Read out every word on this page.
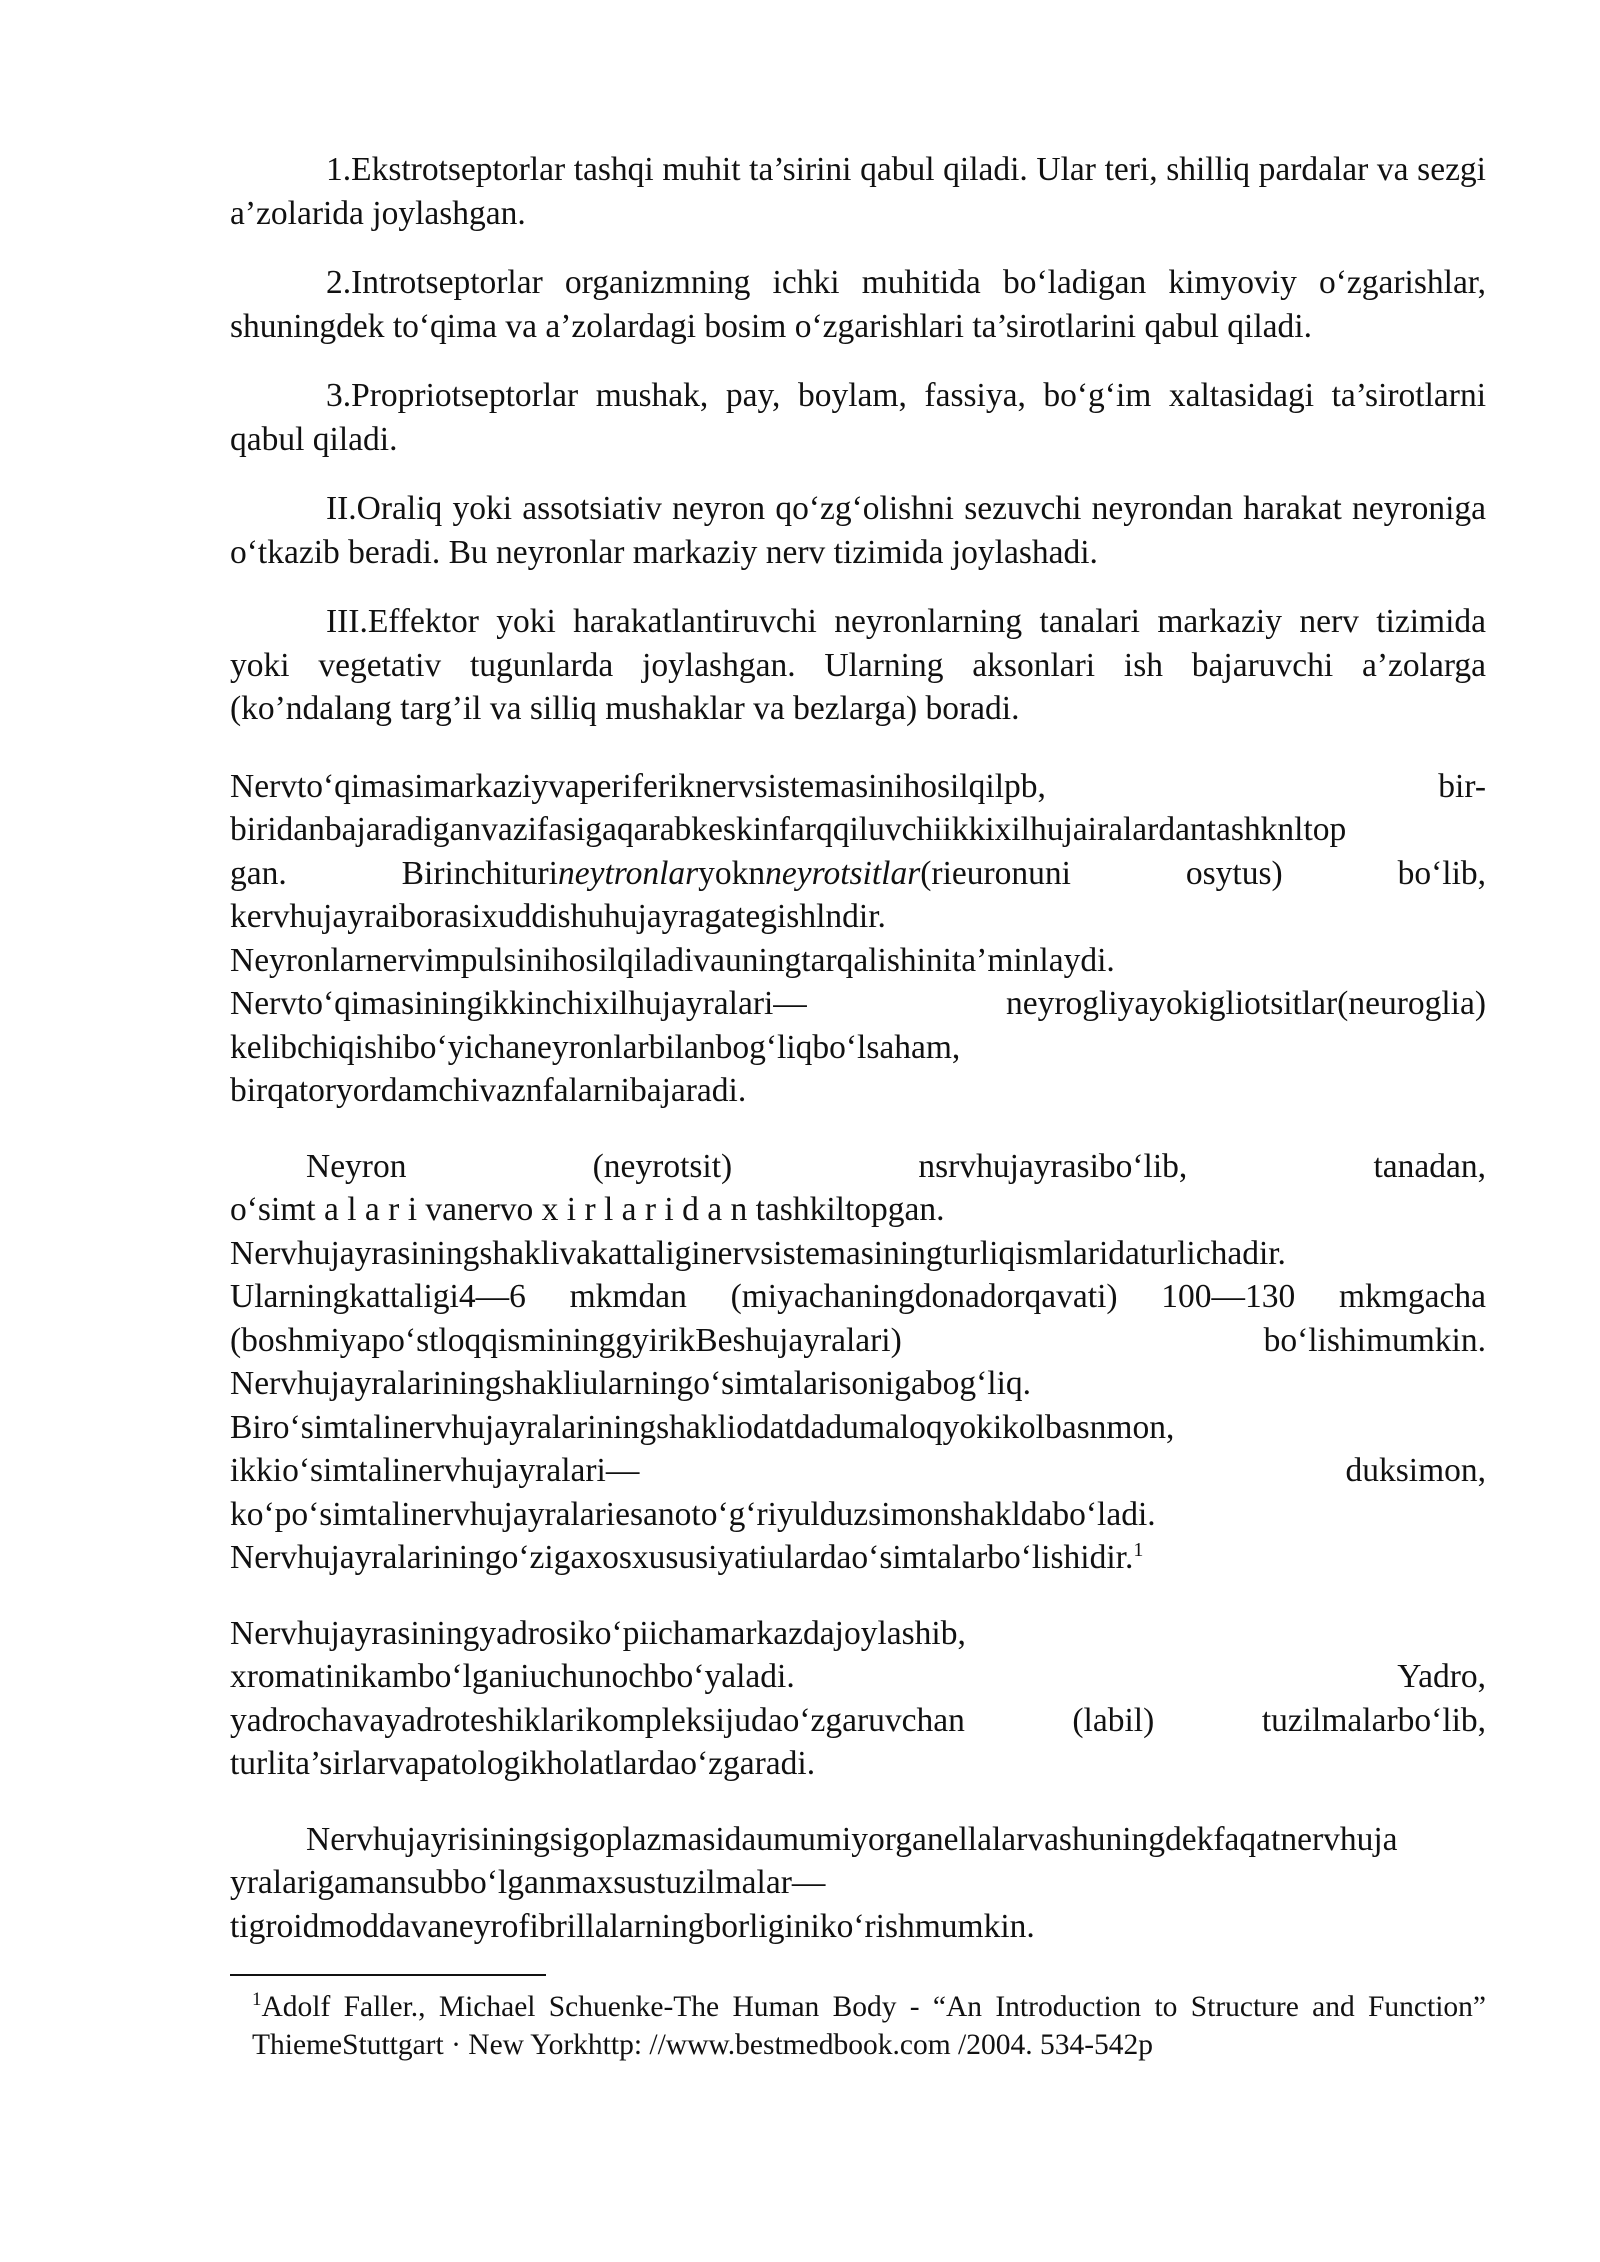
1.Ekstrotseptorlar tashqi muhit ta’sirini qabul qiladi. Ular teri, shilliq pardalar va sezgi a’zolarida joylashgan.

2.Introtseptorlar organizmning ichki muhitida bo‘ladigan kimyoviy o‘zgarishlar, shuningdek to‘qima va a’zolardagi bosim o‘zgarishlari ta’sirotlarini qabul qiladi.

3.Propriotseptorlar mushak, pay, boylam, fassiya, bo‘g‘im xaltasidagi ta’sirotlarni qabul qiladi.

II.Oraliq yoki assotsiativ neyron qo‘zg‘olishni sezuvchi neyrondan harakat neyroniga o‘tkazib beradi. Bu neyronlar markaziy nerv tizimida joylashadi.

III.Effektor yoki harakatlantiruvchi neyronlarning tanalari markaziy nerv tizimida yoki vegetativ tugunlarda joylashgan. Ularning aksonlari ish bajaruvchi a’zolarga (ko’ndalang targ’il va silliq mushaklar va bezlarga) boradi.

Nervto‘qimasimarkaziyvaperiferiknervsistemasinihosilqilpb,	bir-
biridanbajaradiganvazifasigaqarabkeskinfarqqiluvchiikkixilhujairalardantashknltop
gan.	Birinchiturineytronlaryoknneyrotsitlar(rieuronuni	osytus)	bo‘lib,
kervhujayraiborasixuddishuhujayragategishlndir.
Neyronlarnervimpulsinihosilqiladivauningtarqalishinita’minlaydi.
Nervto‘qimasiningikkinchixilhujayralari—	neyrogliyayokigliotsitlar(neuroglia)
kelibchiqishibo‘yichaneyronlarbilanbog‘liqbo‘lsaham,
birqatoryordamchivaznfalarnibajaradi.
Neyron	(neyrotsit)	nsrvhujayrasibo‘lib,	tanadan,
o‘simt a l a r i vanervo x i r l a r i d a n tashkiltopgan.
Nervhujayrasiningshaklivakattaliginervsistemasiningturliqismlaridaturlichadir.
Ularningkattaligi4—6 mkmdan (miyachaningdonadorqavati) 100—130 mkmgacha
(boshmiyapo‘stloqqismininggyirikBeshujayralari)	bo‘lishimumkin.
Nervhujayralariningshakliularningo‘simtalarisonigabog‘liq.
Biro‘simtalinervhujayralariningshakliodatdadumaloqyokikolbasnmon,
ikkio‘simtalinervhujayralari—	duksimon,
ko‘po‘simtalinervhujayralariesanoto‘g‘riyulduzsimonshakldabo‘ladi.
Nervhujayralariningo‘zigaxosxususiyatiulardao‘simtalarbo‘lishidir.$^1$
Nervhujayrasiningyadrosiko‘piichamarkazdajoylashib,
xromatinikambo‘lganiuchunochbo‘yaladi.	Yadro,
yadrochavayadroteshiklarikompleksijudao‘zgaruvchan	(labil)	tuzilmalarbo‘lib,
turlita’sirlarvapatologikholatlardao‘zgaradi.
Nervhujayrisiningsigoplazmasidaumumiyorganellalarvashuningdekfaqatnervhuja
yralarigamansubbo‘lganmaxsustuzilmalar—
tigroidmoddavaneyrofibrillalarningborliginiko‘rishmumkin.
$^1$Adolf Faller., Michael Schuenke-The Human Body - “An Introduction to Structure and Function” ThiemeStuttgart · New Yorkhttp: //www.bestmedbook.com /2004. 534-542p
